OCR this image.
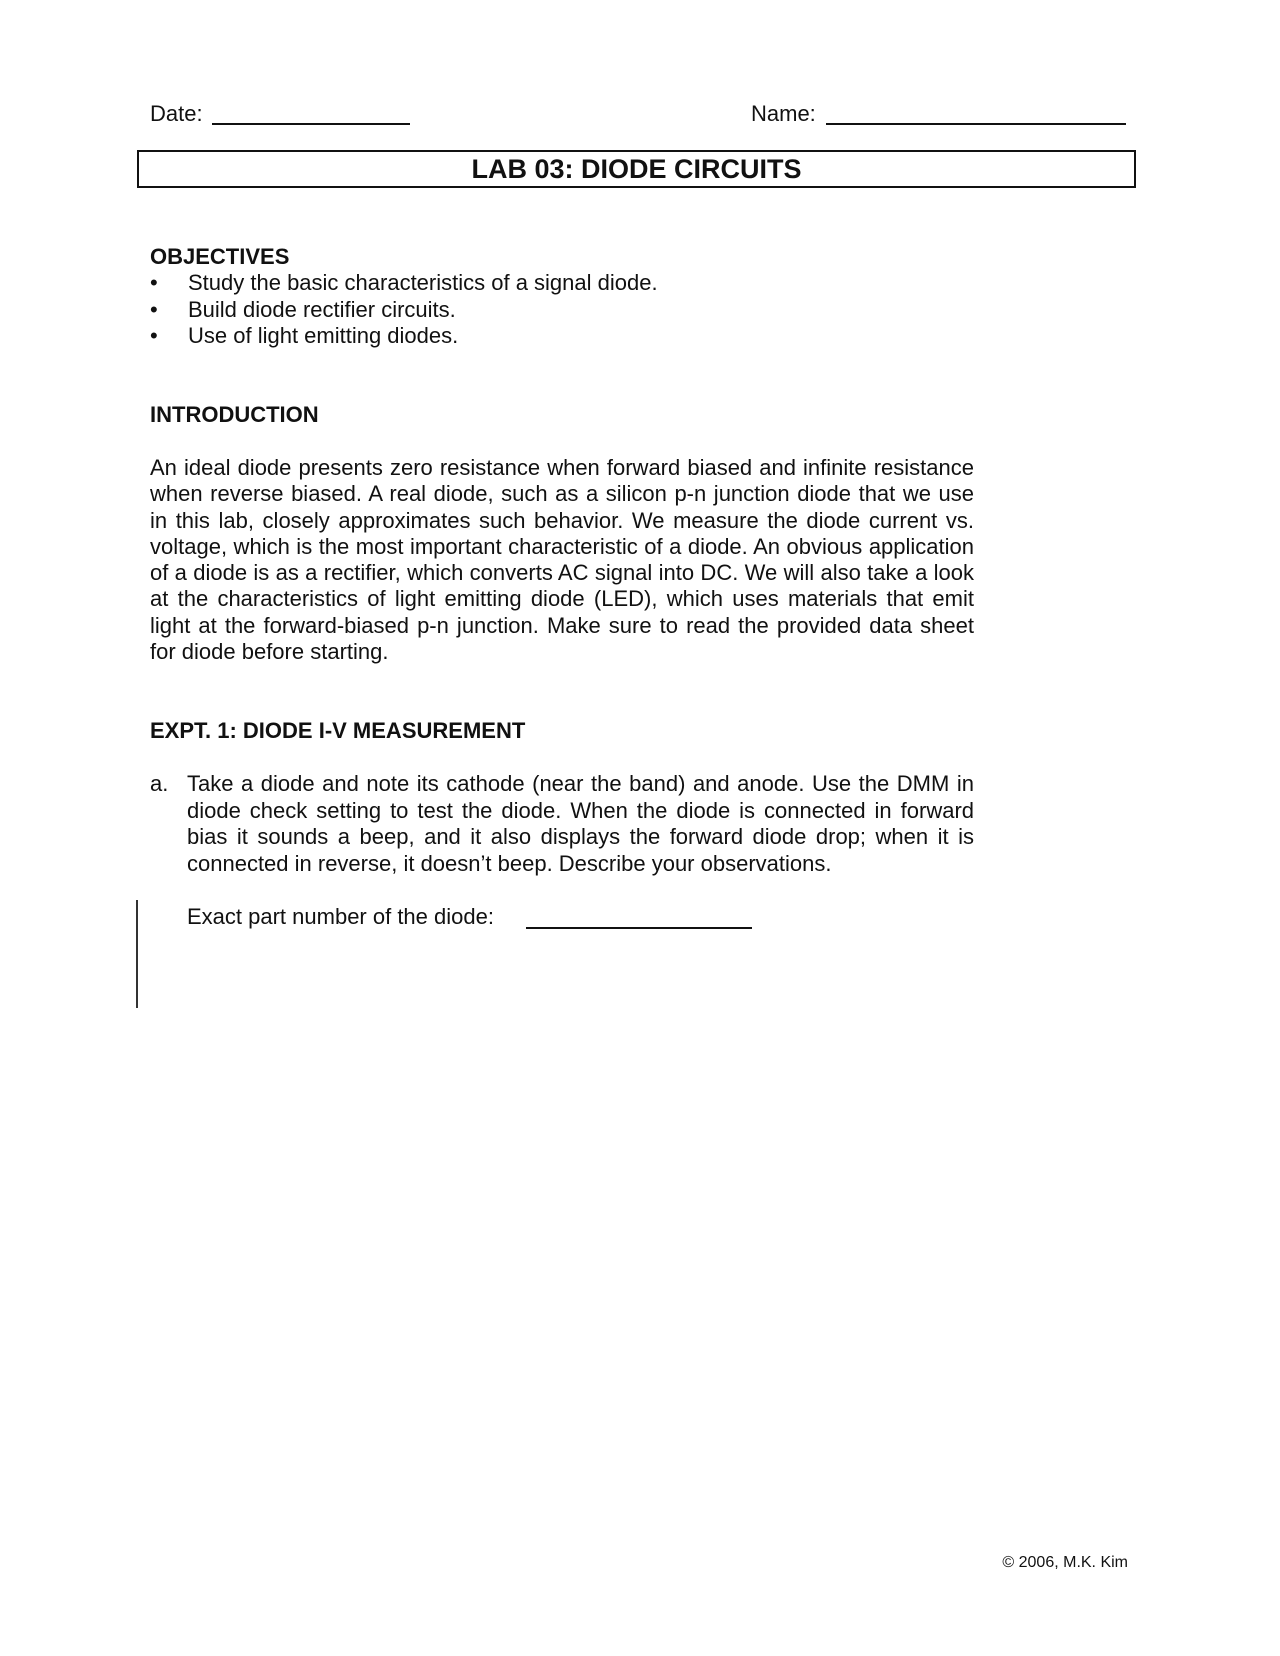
Date:	Name:
LAB 03: DIODE CIRCUITS
OBJECTIVES
• Study the basic characteristics of a signal diode.
• Build diode rectifier circuits.
• Use of light emitting diodes.
INTRODUCTION
An ideal diode presents zero resistance when forward biased and infinite resistance when reverse biased. A real diode, such as a silicon p-n junction diode that we use in this lab, closely approximates such behavior. We measure the diode current vs. voltage, which is the most important characteristic of a diode. An obvious application of a diode is as a rectifier, which converts AC signal into DC. We will also take a look at the characteristics of light emitting diode (LED), which uses materials that emit light at the forward-biased p-n junction. Make sure to read the provided data sheet for diode before starting.
EXPT. 1: DIODE I-V MEASUREMENT
a. Take a diode and note its cathode (near the band) and anode. Use the DMM in diode check setting to test the diode. When the diode is connected in forward bias it sounds a beep, and it also displays the forward diode drop; when it is connected in reverse, it doesn’t beep. Describe your observations.
Exact part number of the diode:
© 2006, M.K. Kim
